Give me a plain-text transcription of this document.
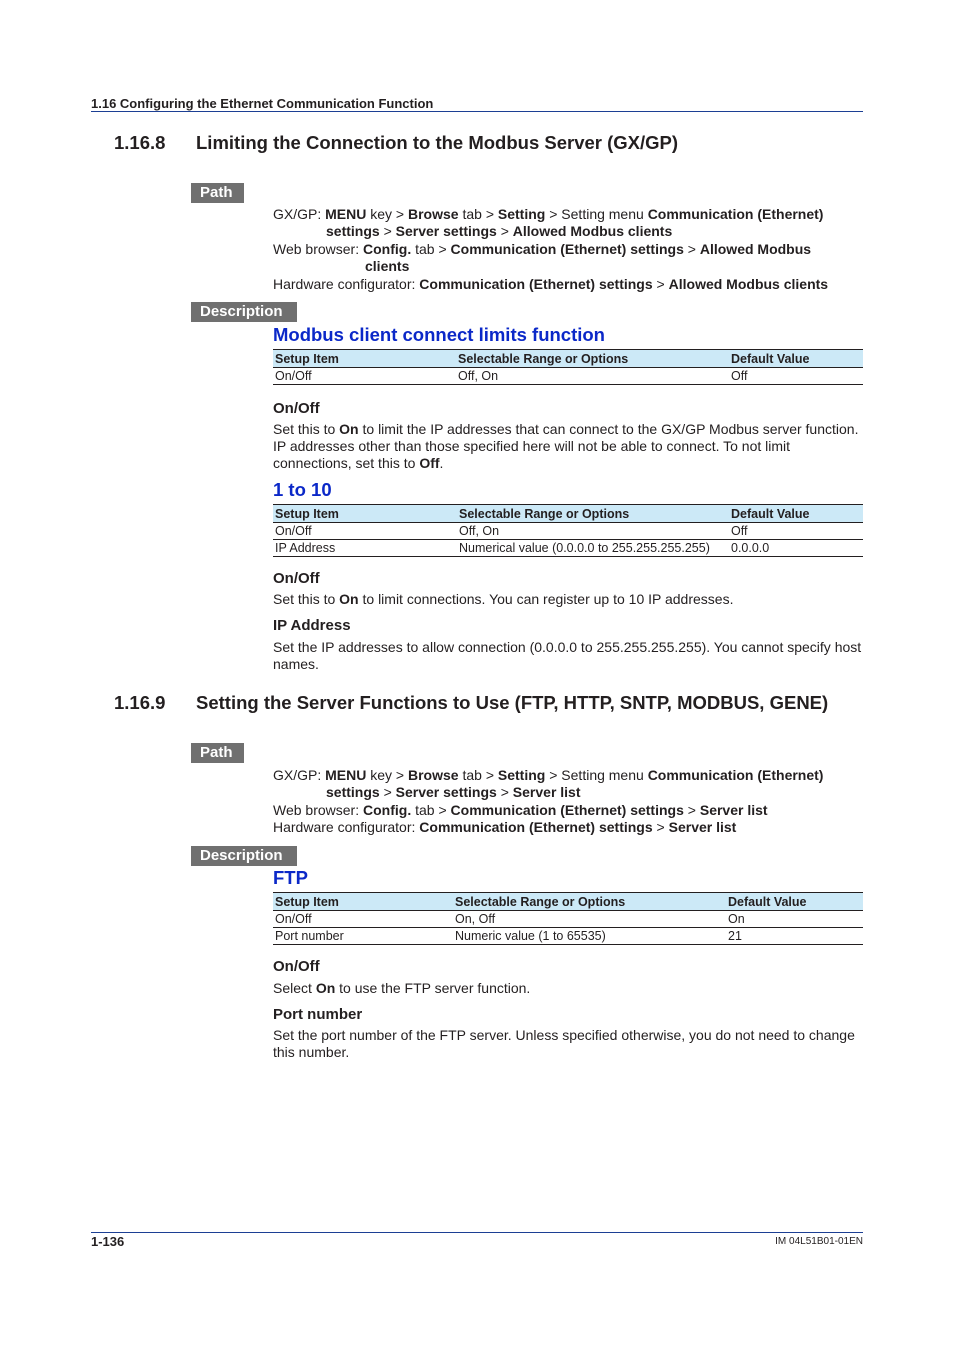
1.16 Configuring the Ethernet Communication Function
1.16.8 Limiting the Connection to the Modbus Server (GX/GP)
Path
GX/GP: MENU key > Browse tab > Setting > Setting menu Communication (Ethernet)
settings > Server settings > Allowed Modbus clients
Web browser: Config. tab > Communication (Ethernet) settings > Allowed Modbus
clients
Hardware configurator: Communication (Ethernet) settings > Allowed Modbus clients
Description
Modbus client connect limits function
Setup Item	Selectable Range or Options	Default Value
On/Off	Off, On	Off
On/Off
Set this to On to limit the IP addresses that can connect to the GX/GP Modbus server function. IP addresses other than those specified here will not be able to connect. To not limit connections, set this to Off.
1 to 10
Setup Item	Selectable Range or Options	Default Value
On/Off	Off, On	Off
IP Address	Numerical value (0.0.0.0 to 255.255.255.255)	0.0.0.0
On/Off
Set this to On to limit connections. You can register up to 10 IP addresses.
IP Address
Set the IP addresses to allow connection (0.0.0.0 to 255.255.255.255). You cannot specify host names.
1.16.9 Setting the Server Functions to Use (FTP, HTTP, SNTP, MODBUS, GENE)
Path
GX/GP: MENU key > Browse tab > Setting > Setting menu Communication (Ethernet)
settings > Server settings > Server list
Web browser: Config. tab > Communication (Ethernet) settings > Server list
Hardware configurator: Communication (Ethernet) settings > Server list
Description
FTP
Setup Item	Selectable Range or Options	Default Value
On/Off	On, Off	On
Port number	Numeric value (1 to 65535)	21
On/Off
Select On to use the FTP server function.
Port number
Set the port number of the FTP server. Unless specified otherwise, you do not need to change this number.
1-136	IM 04L51B01-01EN
